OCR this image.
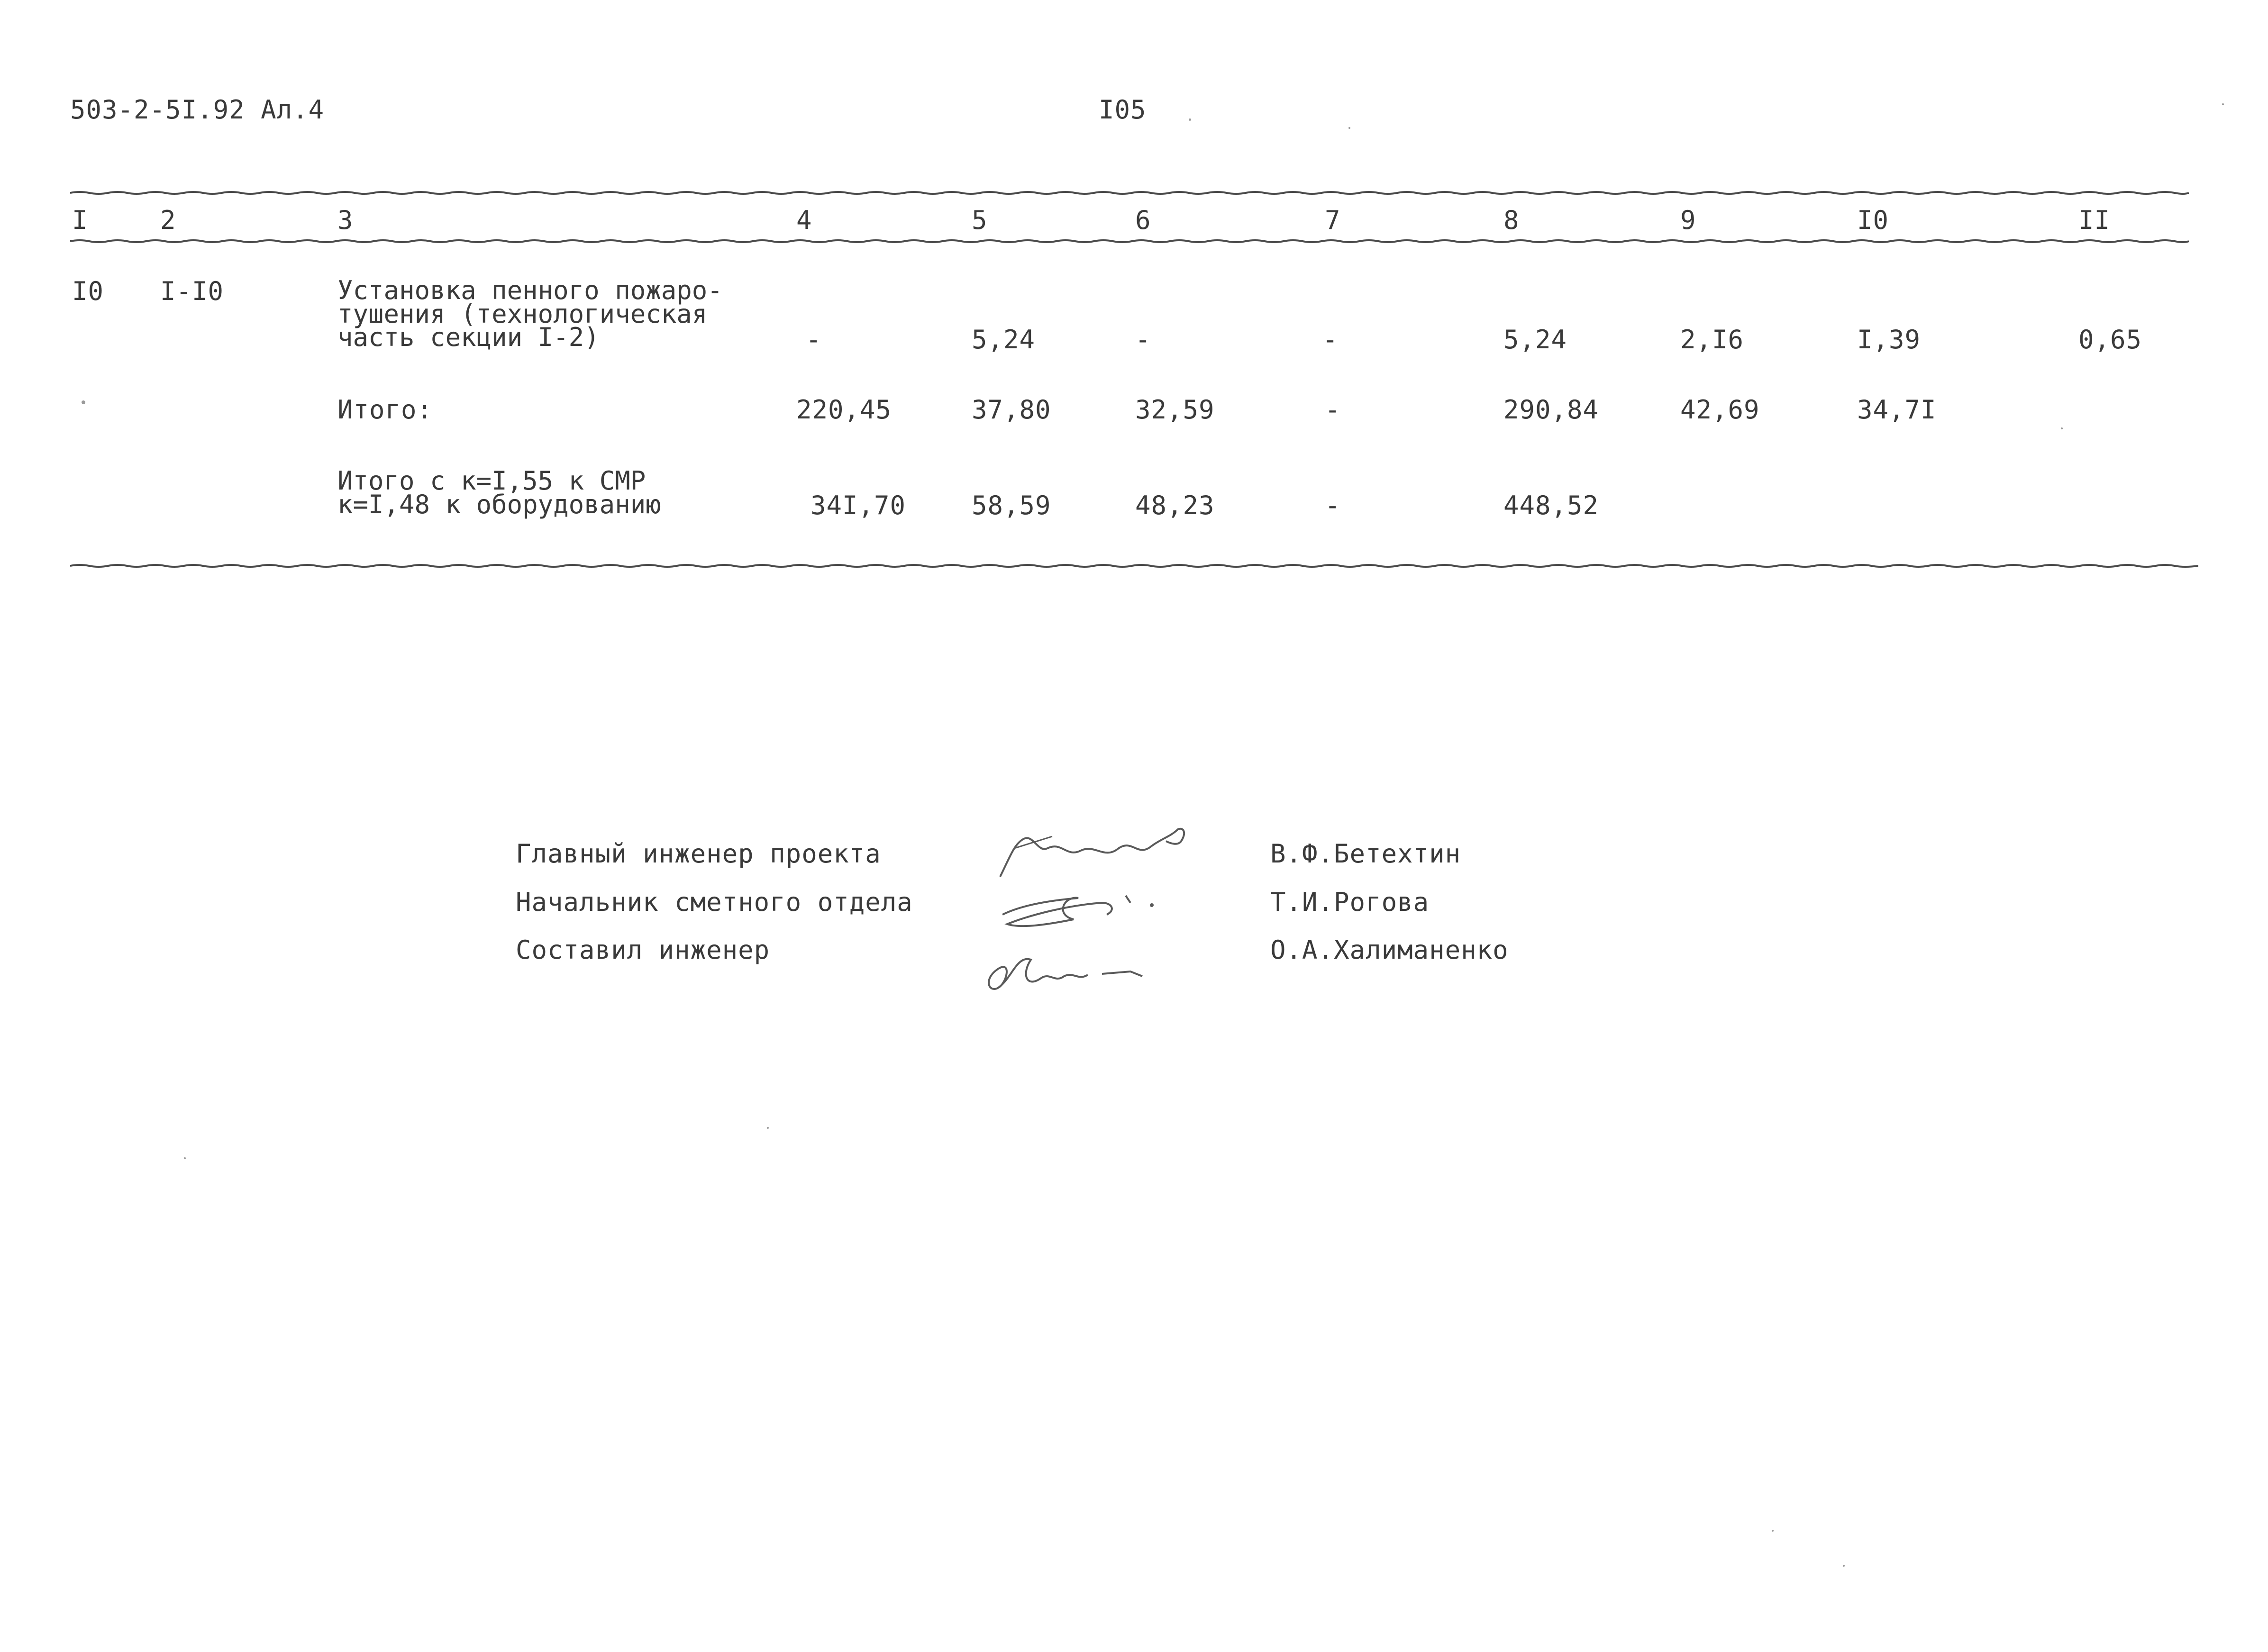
503-2-5I.92 Ал.4	I05
I	2	3	4	5	6	7	8	9	I0	II
I0 I-I0	Установка пенного пожаро-
тушения (технологическая
часть секции I-2)	-	5,24	-	-	5,24	2,I6	I,39	0,65
Итого:	220,45	37,80	32,59	-	290,84	42,69	34,7I
Итого с к=I,55 к СМР
к=I,48 к оборудованию	34I,70	58,59	48,23	-	448,52
Главный инженер проекта
Начальник сметного отдела
Составил инженер
В.Ф.Бетехтин
Т.И.Рогова
О.А.Халиманенко
